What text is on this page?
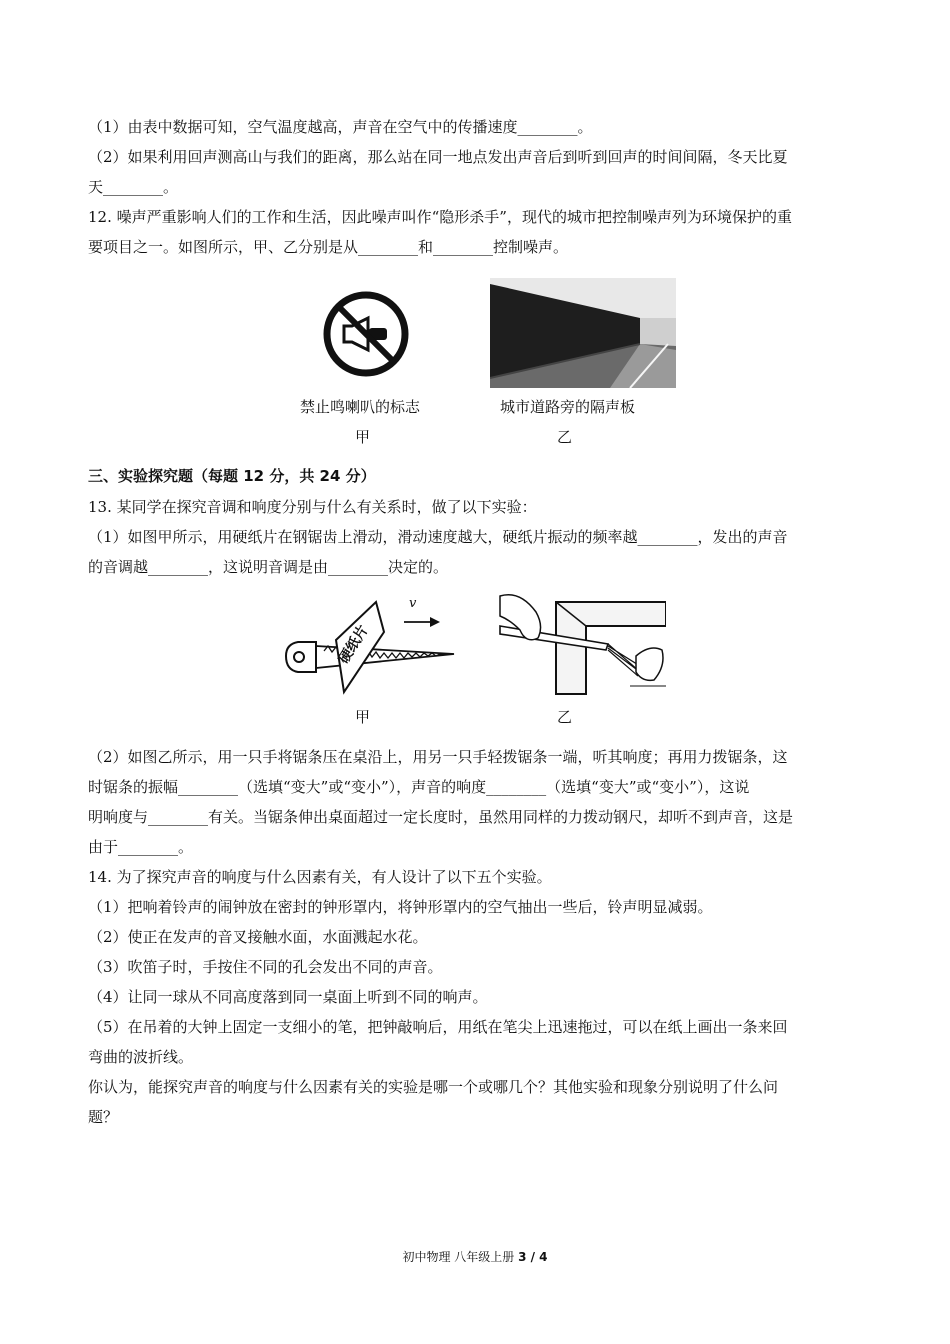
（1）由表中数据可知，空气温度越高，声音在空气中的传播速度________。

（2）如果利用回声测高山与我们的距离，那么站在同一地点发出声音后到听到回声的时间间隔，冬天比夏

天________。

12. 噪声严重影响人们的工作和生活，因此噪声叫作“隐形杀手”，现代的城市把控制噪声列为环境保护的重

要项目之一。如图所示，甲、乙分别是从________和________控制噪声。

禁止鸣喇叭的标志	城市道路旁的隔声板
甲	乙

三、实验探究题（每题 12 分，共 24 分）

13. 某同学在探究音调和响度分别与什么有关系时，做了以下实验：

（1）如图甲所示，用硬纸片在钢锯齿上滑动，滑动速度越大，硬纸片振动的频率越________，发出的声音

的音调越________，这说明音调是由________决定的。

硬纸片
v
甲	乙

（2）如图乙所示，用一只手将锯条压在桌沿上，用另一只手轻拨锯条一端，听其响度；再用力拨锯条，这

时锯条的振幅________（选填“变大”或“变小”），声音的响度________（选填“变大”或“变小”），这说

明响度与________有关。当锯条伸出桌面超过一定长度时，虽然用同样的力拨动钢尺，却听不到声音，这是

由于________。

14. 为了探究声音的响度与什么因素有关，有人设计了以下五个实验。

（1）把响着铃声的闹钟放在密封的钟形罩内，将钟形罩内的空气抽出一些后，铃声明显减弱。

（2）使正在发声的音叉接触水面，水面溅起水花。

（3）吹笛子时，手按住不同的孔会发出不同的声音。

（4）让同一球从不同高度落到同一桌面上听到不同的响声。

（5）在吊着的大钟上固定一支细小的笔，把钟敲响后，用纸在笔尖上迅速拖过，可以在纸上画出一条来回

弯曲的波折线。

你认为，能探究声音的响度与什么因素有关的实验是哪一个或哪几个？其他实验和现象分别说明了什么问

题？

初中物理 八年级上册 3 / 4
